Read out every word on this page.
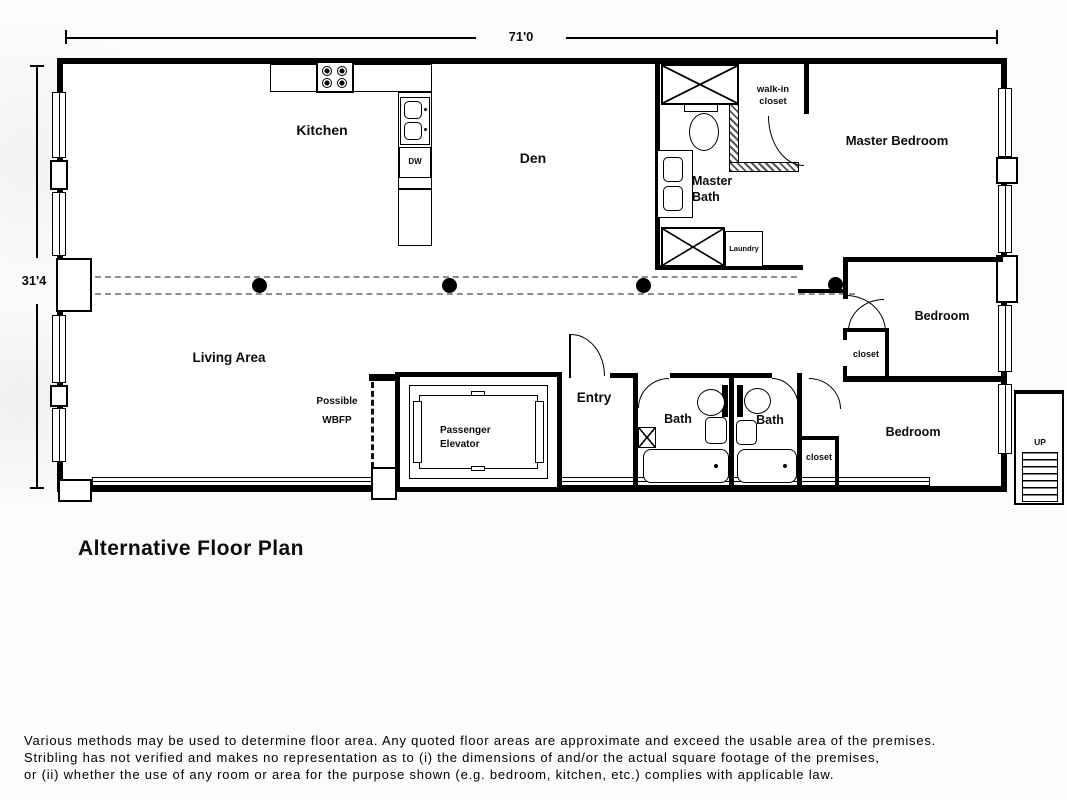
71'0
31'4
DW
Kitchen
Den
Living Area
Laundry
Master Bath
walk-in closet
Master Bedroom
closet
Bedroom
Entry
Bath	Bath
closet
Bedroom
Passenger Elevator
Possible WBFP
UP
Alternative Floor Plan
Various methods may be used to determine floor area. Any quoted floor areas are approximate and exceed the usable area of the premises.
Stribling has not verified and makes no representation as to (i) the dimensions of and/or the actual square footage of the premises,
or (ii) whether the use of any room or area for the purpose shown (e.g. bedroom, kitchen, etc.) complies with applicable law.
